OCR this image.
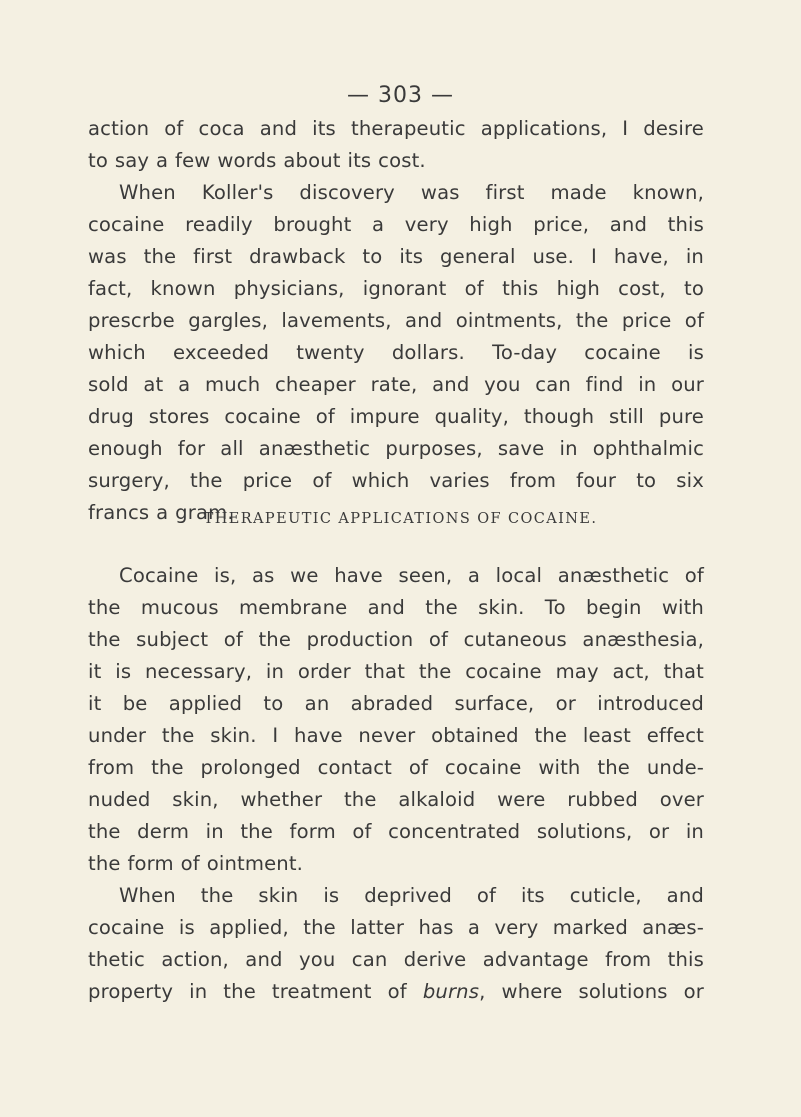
— 303 —
action of coca and its therapeutic applications, I desire
to say a few words about its cost.
When Koller's discovery was first made known,
cocaine readily brought a very high price, and this
was the first drawback to its general use. I have, in
fact, known physicians, ignorant of this high cost, to
prescrbe gargles, lavements, and ointments, the price of
which exceeded twenty dollars. To-day cocaine is
sold at a much cheaper rate, and you can find in our
drug stores cocaine of impure quality, though still pure
enough for all anæsthetic purposes, save in ophthalmic
surgery, the price of which varies from four to six
francs a gram.
THERAPEUTIC APPLICATIONS OF COCAINE.
Cocaine is, as we have seen, a local anæsthetic of
the mucous membrane and the skin. To begin with
the subject of the production of cutaneous anæsthesia,
it is necessary, in order that the cocaine may act, that
it be applied to an abraded surface, or introduced
under the skin. I have never obtained the least effect
from the prolonged contact of cocaine with the unde-
nuded skin, whether the alkaloid were rubbed over
the derm in the form of concentrated solutions, or in
the form of ointment.
When the skin is deprived of its cuticle, and
cocaine is applied, the latter has a very marked anæs-
thetic action, and you can derive advantage from this
property in the treatment of burns, where solutions or
